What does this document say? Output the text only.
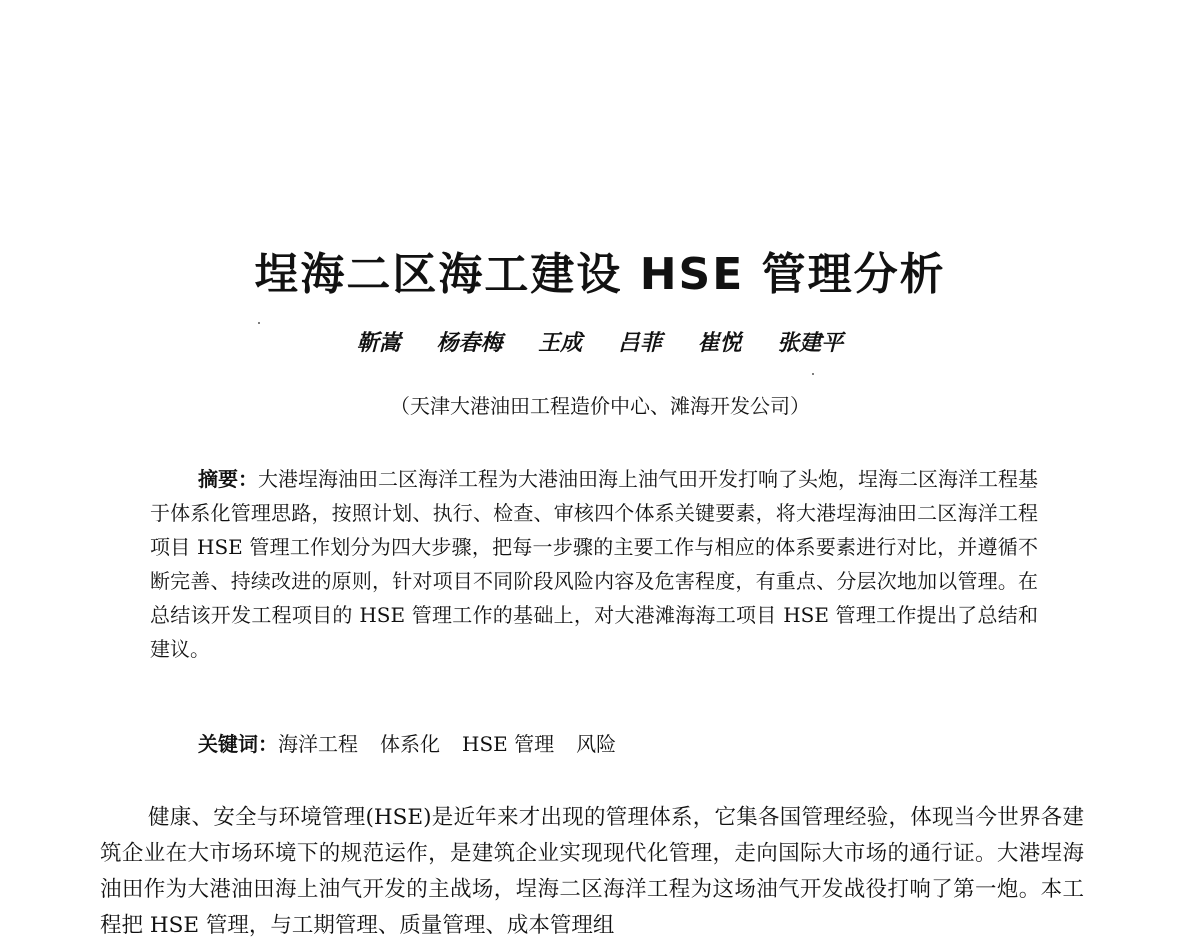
埕海二区海工建设 HSE 管理分析
靳嵩 杨春梅 王成 吕菲 崔悦 张建平
（天津大港油田工程造价中心、滩海开发公司）
摘要：大港埕海油田二区海洋工程为大港油田海上油气田开发打响了头炮，埕海二区海洋工程基于体系化管理思路，按照计划、执行、检查、审核四个体系关键要素，将大港埕海油田二区海洋工程项目 HSE 管理工作划分为四大步骤，把每一步骤的主要工作与相应的体系要素进行对比，并遵循不断完善、持续改进的原则，针对项目不同阶段风险内容及危害程度，有重点、分层次地加以管理。在总结该开发工程项目的 HSE 管理工作的基础上，对大港滩海海工项目 HSE 管理工作提出了总结和建议。
关键词：海洋工程 体系化 HSE 管理 风险
健康、安全与环境管理(HSE)是近年来才出现的管理体系，它集各国管理经验，体现当今世界各建筑企业在大市场环境下的规范运作，是建筑企业实现现代化管理，走向国际大市场的通行证。大港埕海油田作为大港油田海上油气开发的主战场，埕海二区海洋工程为这场油气开发战役打响了第一炮。本工程把 HSE 管理，与工期管理、质量管理、成本管理组
